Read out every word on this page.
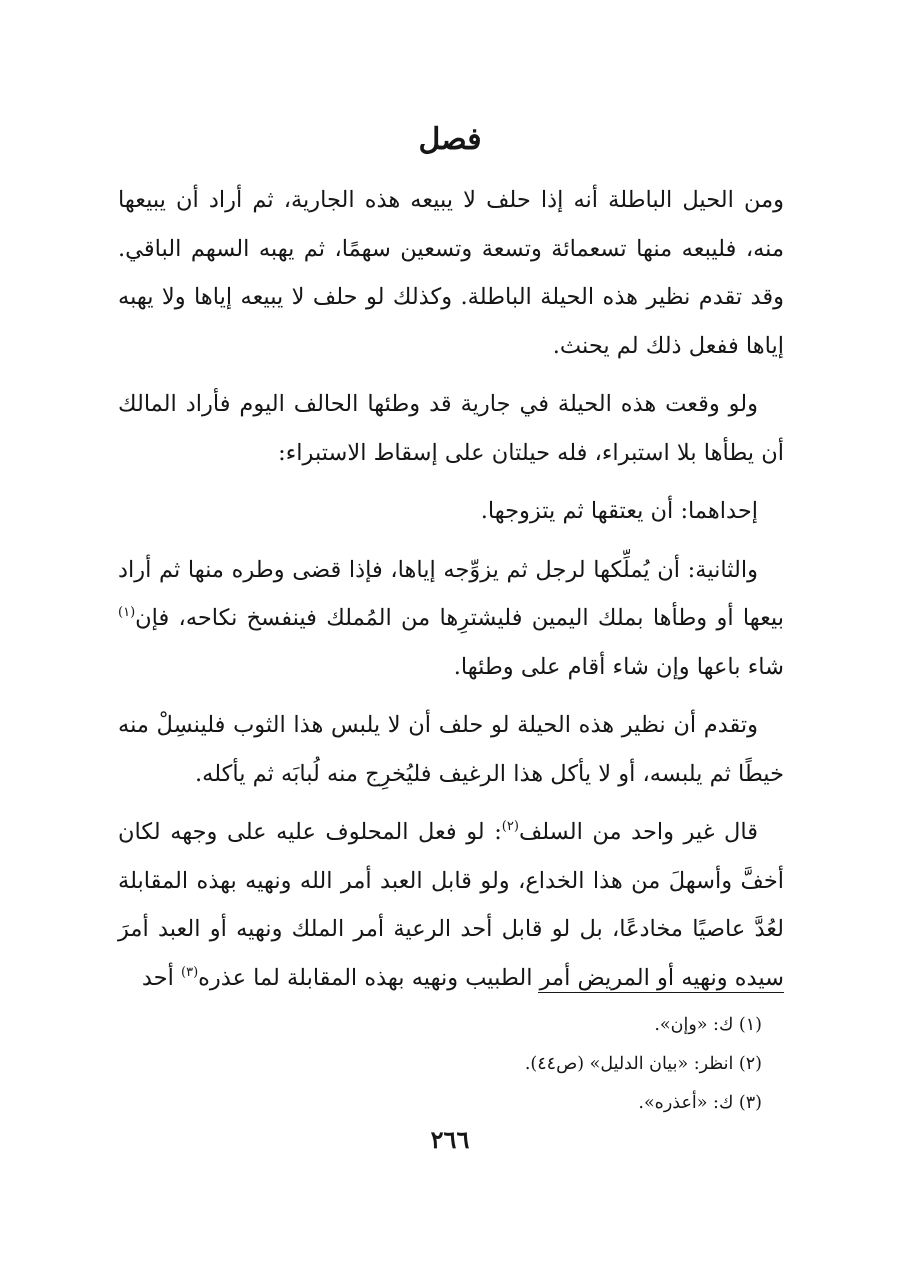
فصل

ومن الحيل الباطلة أنه إذا حلف لا يبيعه هذه الجارية، ثم أراد أن يبيعها منه، فليبعه منها تسعمائة وتسعة وتسعين سهمًا، ثم يهبه السهم الباقي. وقد تقدم نظير هذه الحيلة الباطلة. وكذلك لو حلف لا يبيعه إياها ولا يهبه إياها ففعل ذلك لم يحنث.

ولو وقعت هذه الحيلة في جارية قد وطئها الحالف اليوم فأراد المالك أن يطأها بلا استبراء، فله حيلتان على إسقاط الاستبراء:

إحداهما: أن يعتقها ثم يتزوجها.

والثانية: أن يُملِّكها لرجل ثم يزوِّجه إياها، فإذا قضى وطره منها ثم أراد بيعها أو وطأها بملك اليمين فليشترِها من المُملك فينفسخ نكاحه، فإن$^{(١)}$ شاء باعها وإن شاء أقام على وطئها.

وتقدم أن نظير هذه الحيلة لو حلف أن لا يلبس هذا الثوب فلينسِلْ منه خيطًا ثم يلبسه، أو لا يأكل هذا الرغيف فليُخرِج منه لُبابَه ثم يأكله.

قال غير واحد من السلف$^{(٢)}$: لو فعل المحلوف عليه على وجهه لكان أخفَّ وأسهلَ من هذا الخداع، ولو قابل العبد أمر الله ونهيه بهذه المقابلة لعُدَّ عاصيًا مخادعًا، بل لو قابل أحد الرعية أمر الملك ونهيه أو العبد أمرَ سيده ونهيه أو المريض أمر الطبيب ونهيه بهذه المقابلة لما عذره$^{(٣)}$ أحد

(١) ك: «وإن».

(٢) انظر: «بيان الدليل» (ص٤٤).

(٣) ك: «أعذره».

٢٦٦
